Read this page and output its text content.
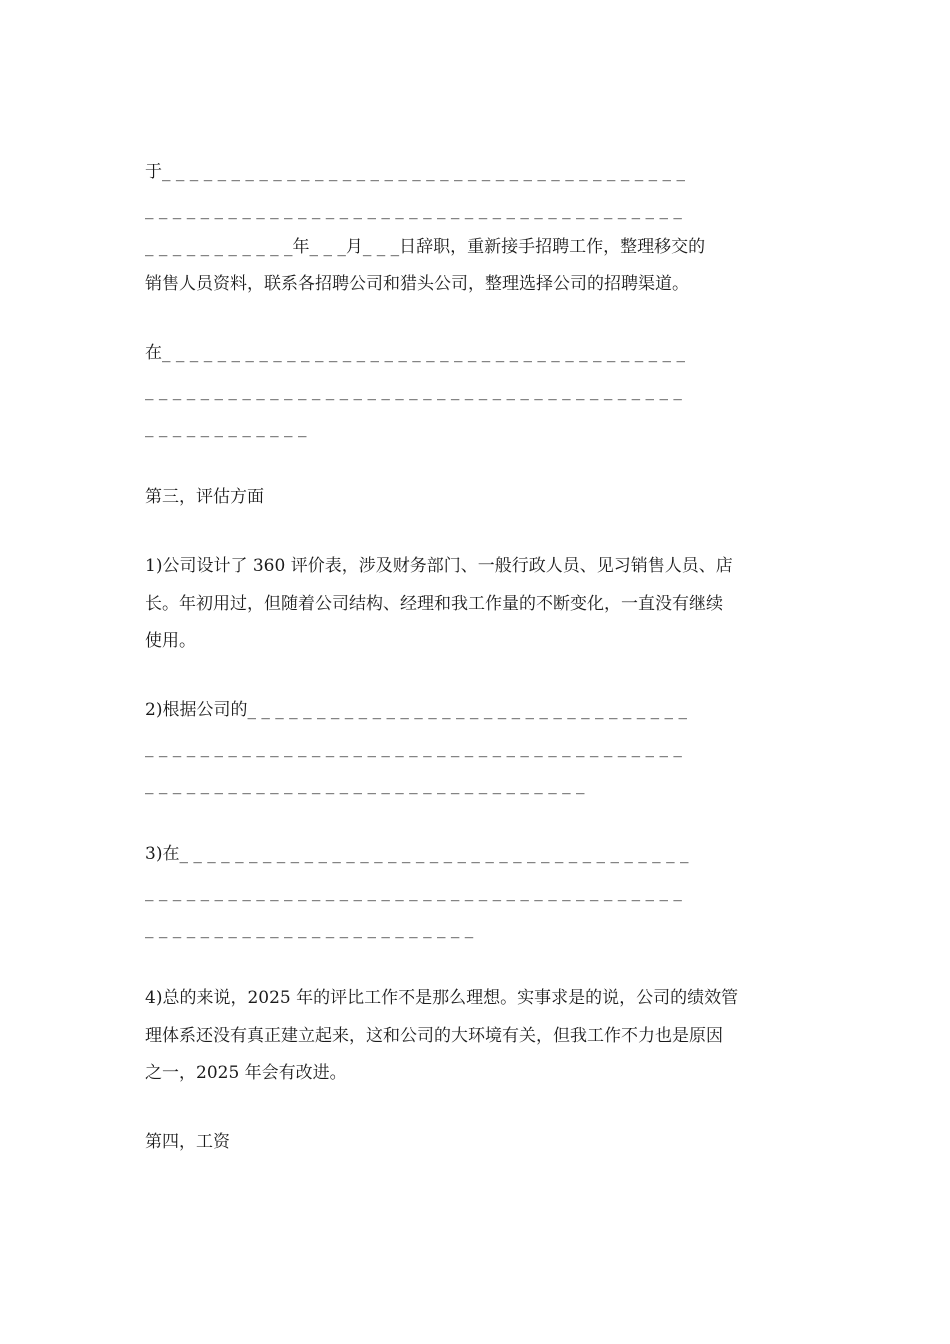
于_ _ _ _ _ _ _ _ _ _ _ _ _ _ _ _ _ _ _ _ _ _ _ _ _ _ _ _ _ _ _ _ _ _ _ _ _ _
_ _ _ _ _ _ _ _ _ _ _ _ _ _ _ _ _ _ _ _ _ _ _ _ _ _ _ _ _ _ _ _ _ _ _ _ _ _ _
_ _ _ _ _ _ _ _ _ _ _年_ _ _月_ _ _日辞职，重新接手招聘工作，整理移交的
销售人员资料，联系各招聘公司和猎头公司，整理选择公司的招聘渠道。
在_ _ _ _ _ _ _ _ _ _ _ _ _ _ _ _ _ _ _ _ _ _ _ _ _ _ _ _ _ _ _ _ _ _ _ _ _ _
_ _ _ _ _ _ _ _ _ _ _ _ _ _ _ _ _ _ _ _ _ _ _ _ _ _ _ _ _ _ _ _ _ _ _ _ _ _ _
_ _ _ _ _ _ _ _ _ _ _ _
第三，评估方面
1)公司设计了 360 评价表，涉及财务部门、一般行政人员、见习销售人员、店
长。年初用过，但随着公司结构、经理和我工作量的不断变化，一直没有继续
使用。
2)根据公司的_ _ _ _ _ _ _ _ _ _ _ _ _ _ _ _ _ _ _ _ _ _ _ _ _ _ _ _ _ _ _ _
_ _ _ _ _ _ _ _ _ _ _ _ _ _ _ _ _ _ _ _ _ _ _ _ _ _ _ _ _ _ _ _ _ _ _ _ _ _ _
_ _ _ _ _ _ _ _ _ _ _ _ _ _ _ _ _ _ _ _ _ _ _ _ _ _ _ _ _ _ _ _
3)在_ _ _ _ _ _ _ _ _ _ _ _ _ _ _ _ _ _ _ _ _ _ _ _ _ _ _ _ _ _ _ _ _ _ _ _ _
_ _ _ _ _ _ _ _ _ _ _ _ _ _ _ _ _ _ _ _ _ _ _ _ _ _ _ _ _ _ _ _ _ _ _ _ _ _ _
_ _ _ _ _ _ _ _ _ _ _ _ _ _ _ _ _ _ _ _ _ _ _ _
4)总的来说，2025 年的评比工作不是那么理想。实事求是的说，公司的绩效管
理体系还没有真正建立起来，这和公司的大环境有关，但我工作不力也是原因
之一，2025 年会有改进。
第四，工资
